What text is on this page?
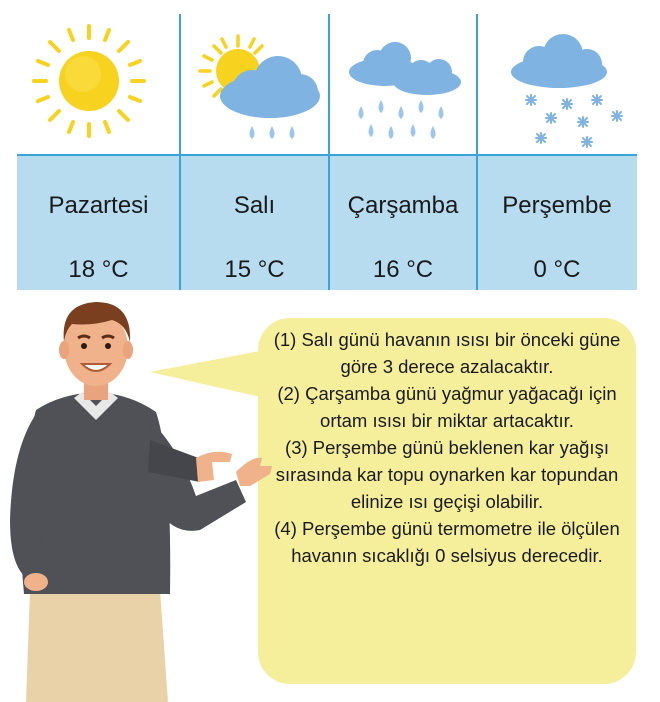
Pazartesi
18 °C
Salı
15 °C
Çarşamba
16 °C
Perşembe
0 °C

(1) Salı günü havanın ısısı bir önceki güne göre 3 derece azalacaktır.

(2) Çarşamba günü yağmur yağacağı için ortam ısısı bir miktar artacaktır.

(3) Perşembe günü beklenen kar yağışı sırasında kar topu oynarken kar topundan elinize ısı geçişi olabilir.

(4) Perşembe günü termometre ile ölçülen havanın sıcaklığı 0 selsiyus derecedir.
